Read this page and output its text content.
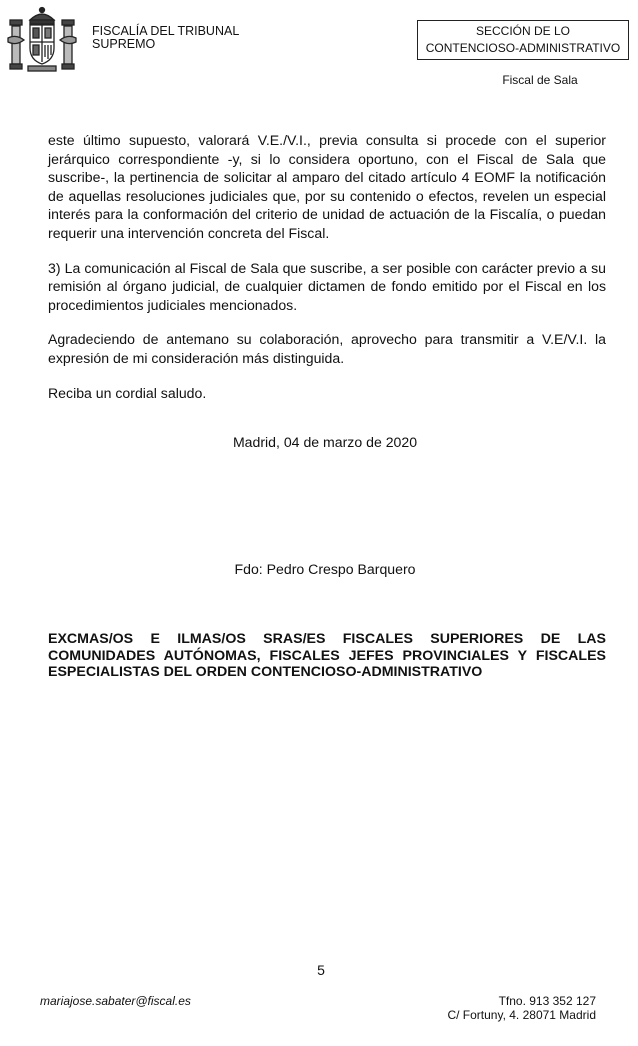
FISCALÍA DEL TRIBUNAL
SUPREMO
SECCIÓN DE LO
CONTENCIOSO-ADMINISTRATIVO
Fiscal de Sala

este último supuesto, valorará V.E./V.I., previa consulta si procede con el superior jerárquico correspondiente -y, si lo considera oportuno, con el Fiscal de Sala que suscribe-, la pertinencia de solicitar al amparo del citado artículo 4 EOMF la notificación de aquellas resoluciones judiciales que, por su contenido o efectos, revelen un especial interés para la conformación del criterio de unidad de actuación de la Fiscalía, o puedan requerir una intervención concreta del Fiscal.

3) La comunicación al Fiscal de Sala que suscribe, a ser posible con carácter previo a su remisión al órgano judicial, de cualquier dictamen de fondo emitido por el Fiscal en los procedimientos judiciales mencionados.

Agradeciendo de antemano su colaboración, aprovecho para transmitir a V.E/V.I. la expresión de mi consideración más distinguida.

Reciba un cordial saludo.

Madrid, 04 de marzo de 2020
Fdo: Pedro Crespo Barquero
EXCMAS/OS E ILMAS/OS SRAS/ES FISCALES SUPERIORES DE LAS COMUNIDADES AUTÓNOMAS, FISCALES JEFES PROVINCIALES Y FISCALES ESPECIALISTAS DEL ORDEN CONTENCIOSO-ADMINISTRATIVO
5
mariajose.sabater@fiscal.es	Tfno. 913 352 127
C/ Fortuny, 4. 28071 Madrid
